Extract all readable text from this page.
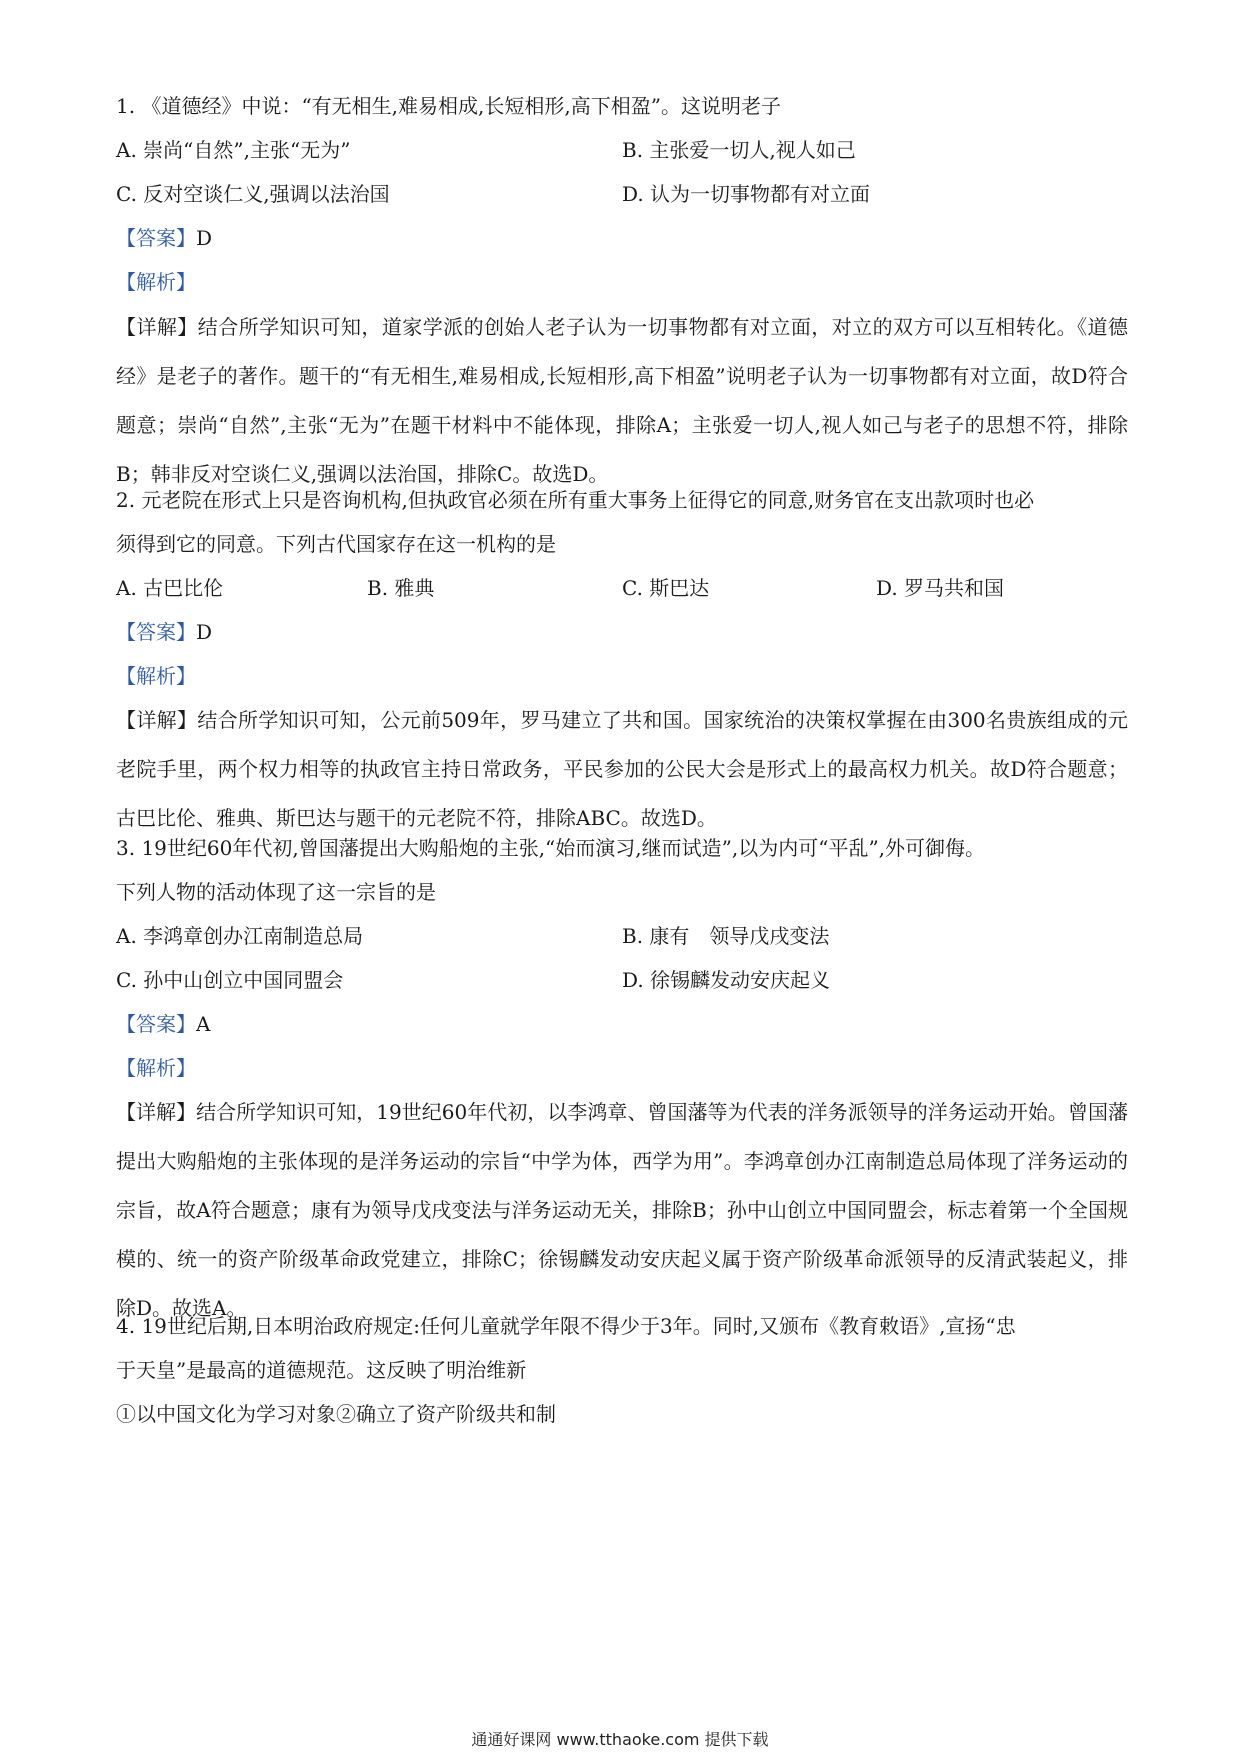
1. 《道德经》中说：“有无相生,难易相成,长短相形,高下相盈”。这说明老子
A. 崇尚“自然”,主张“无为”	B. 主张爱一切人,视人如己
C. 反对空谈仁义,强调以法治国	D. 认为一切事物都有对立面
【答案】D
【解析】
【详解】结合所学知识可知，道家学派的创始人老子认为一切事物都有对立面，对立的双方可以互相转化。《道德经》是老子的著作。题干的“有无相生,难易相成,长短相形,高下相盈”说明老子认为一切事物都有对立面，故D符合题意；崇尚“自然”,主张“无为”在题干材料中不能体现，排除A；主张爱一切人,视人如己与老子的思想不符，排除B；韩非反对空谈仁义,强调以法治国，排除C。故选D。
2. 元老院在形式上只是咨询机构,但执政官必须在所有重大事务上征得它的同意,财务官在支出款项时也必
须得到它的同意。下列古代国家存在这一机构的是
A. 古巴比伦	B. 雅典	C. 斯巴达	D. 罗马共和国
【答案】D
【解析】
【详解】结合所学知识可知，公元前509年，罗马建立了共和国。国家统治的决策权掌握在由300名贵族组成的元老院手里，两个权力相等的执政官主持日常政务，平民参加的公民大会是形式上的最高权力机关。故D符合题意；古巴比伦、雅典、斯巴达与题干的元老院不符，排除ABC。故选D。
3. 19世纪60年代初,曾国藩提出大购船炮的主张,“始而演习,继而试造”,以为内可“平乱”,外可御侮。
下列人物的活动体现了这一宗旨的是
A. 李鸿章创办江南制造总局	B. 康有　领导戊戌变法
C. 孙中山创立中国同盟会	D. 徐锡麟发动安庆起义
【答案】A
【解析】
【详解】结合所学知识可知，19世纪60年代初，以李鸿章、曾国藩等为代表的洋务派领导的洋务运动开始。曾国藩提出大购船炮的主张体现的是洋务运动的宗旨“中学为体，西学为用”。李鸿章创办江南制造总局体现了洋务运动的宗旨，故A符合题意；康有为领导戊戌变法与洋务运动无关，排除B；孙中山创立中国同盟会，标志着第一个全国规模的、统一的资产阶级革命政党建立，排除C；徐锡麟发动安庆起义属于资产阶级革命派领导的反清武装起义，排除D。故选A。
4. 19世纪后期,日本明治政府规定:任何儿童就学年限不得少于3年。同时,又颁布《教育敕语》,宣扬“忠
于天皇”是最高的道德规范。这反映了明治维新
①以中国文化为学习对象②确立了资产阶级共和制
通通好课网 www.tthaoke.com 提供下载
